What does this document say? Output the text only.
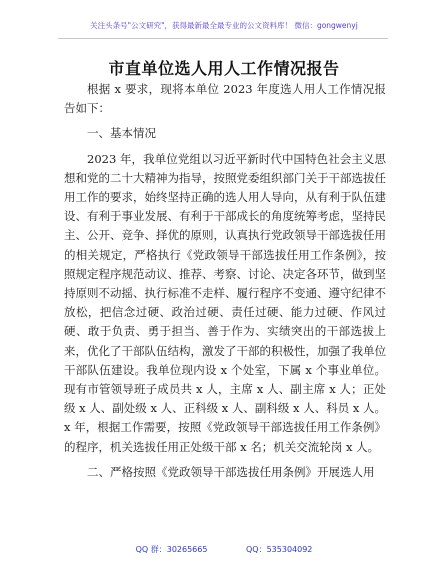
关注头条号"公文研究"，获得最新最全最专业的公文资料库！ 微信：gongwenyj
市直单位选人用人工作情况报告

根据 x 要求，现将本单位 2023 年度选人用人工作情况报告如下：

一、基本情况

2023 年，我单位党组以习近平新时代中国特色社会主义思想和党的二十大精神为指导，按照党委组织部门关于干部选拔任用工作的要求，始终坚持正确的选人用人导向，从有利于队伍建设、有利于事业发展、有利于干部成长的角度统筹考虑，坚持民主、公开、竞争、择优的原则，认真执行党政领导干部选拔任用的相关规定，严格执行《党政领导干部选拔任用工作条例》，按照规定程序规范动议、推荐、考察、讨论、决定各环节，做到坚持原则不动摇、执行标准不走样、履行程序不变通、遵守纪律不放松，把信念过硬、政治过硬、责任过硬、能力过硬、作风过硬、敢于负责、勇于担当、善于作为、实绩突出的干部选拔上来，优化了干部队伍结构，激发了干部的积极性，加强了我单位干部队伍建设。我单位现内设 x 个处室，下属 x 个事业单位。现有市管领导班子成员共 x 人，主席 x 人、副主席 x 人；正处级 x 人、副处级 x 人、正科级 x 人、副科级 x 人、科员 x 人。x 年，根据工作需要，按照《党政领导干部选拔任用工作条例》的程序，机关选拔任用正处级干部 x 名；机关交流轮岗 x 人。

二、严格按照《党政领导干部选拔任用条例》开展选人用

QQ 群：30265665	QQ：535304092
